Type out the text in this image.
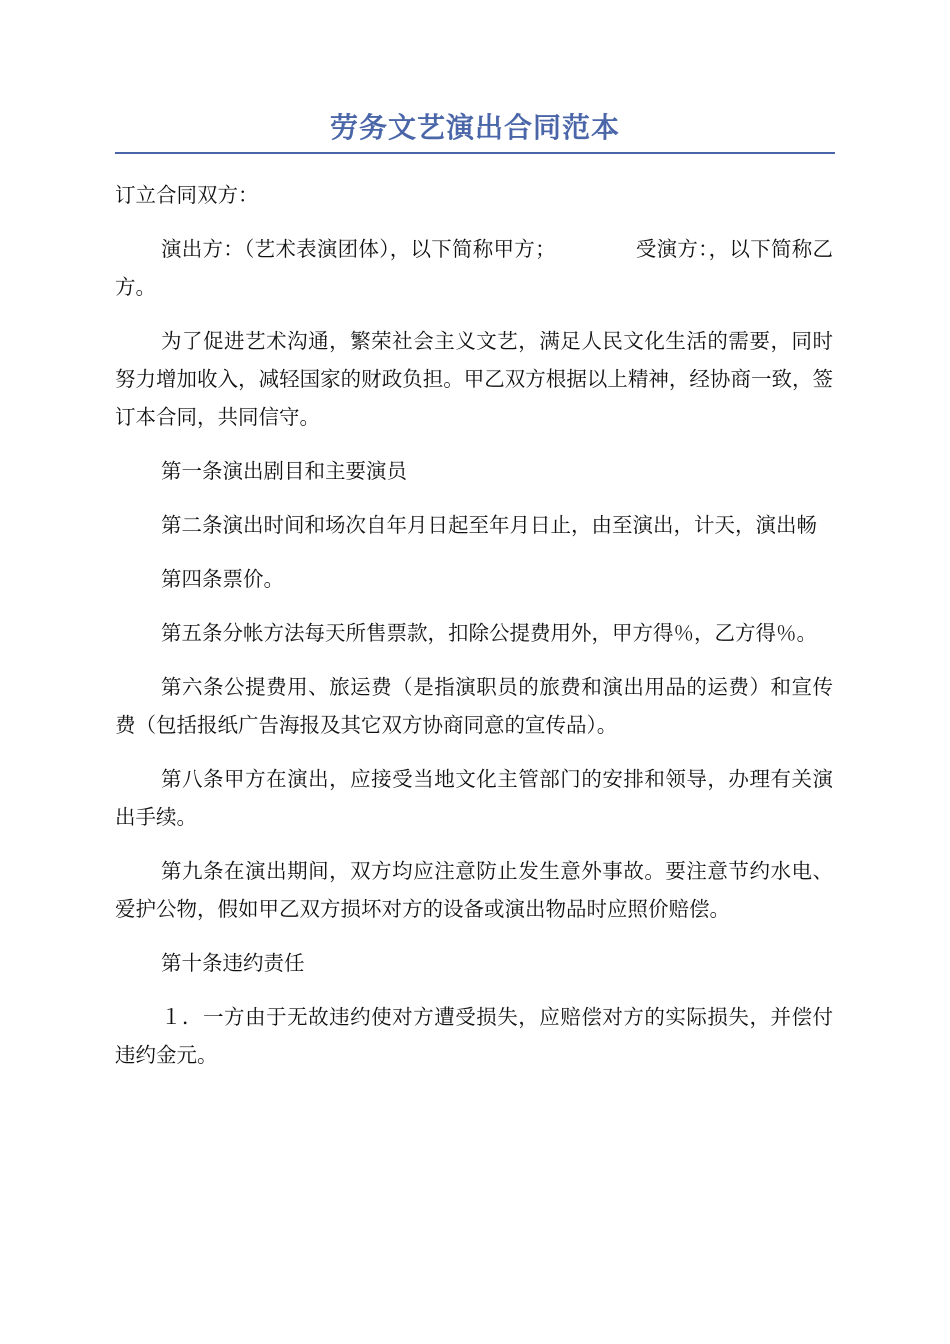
劳务文艺演出合同范本

订立合同双方：

演出方：（艺术表演团体），以下简称甲方；	受演方：，以下简称乙方。

为了促进艺术沟通，繁荣社会主义文艺，满足人民文化生活的需要，同时努力增加收入，减轻国家的财政负担。甲乙双方根据以上精神，经协商一致，签订本合同，共同信守。

第一条演出剧目和主要演员

第二条演出时间和场次自年月日起至年月日止，由至演出，计天，演出畅

第四条票价。

第五条分帐方法每天所售票款，扣除公提费用外，甲方得％，乙方得％。

第六条公提费用、旅运费（是指演职员的旅费和演出用品的运费）和宣传费（包括报纸广告海报及其它双方协商同意的宣传品）。

第八条甲方在演出，应接受当地文化主管部门的安排和领导，办理有关演出手续。

第九条在演出期间，双方均应注意防止发生意外事故。要注意节约水电、爱护公物，假如甲乙双方损坏对方的设备或演出物品时应照价赔偿。

第十条违约责任

１．一方由于无故违约使对方遭受损失，应赔偿对方的实际损失，并偿付违约金元。
